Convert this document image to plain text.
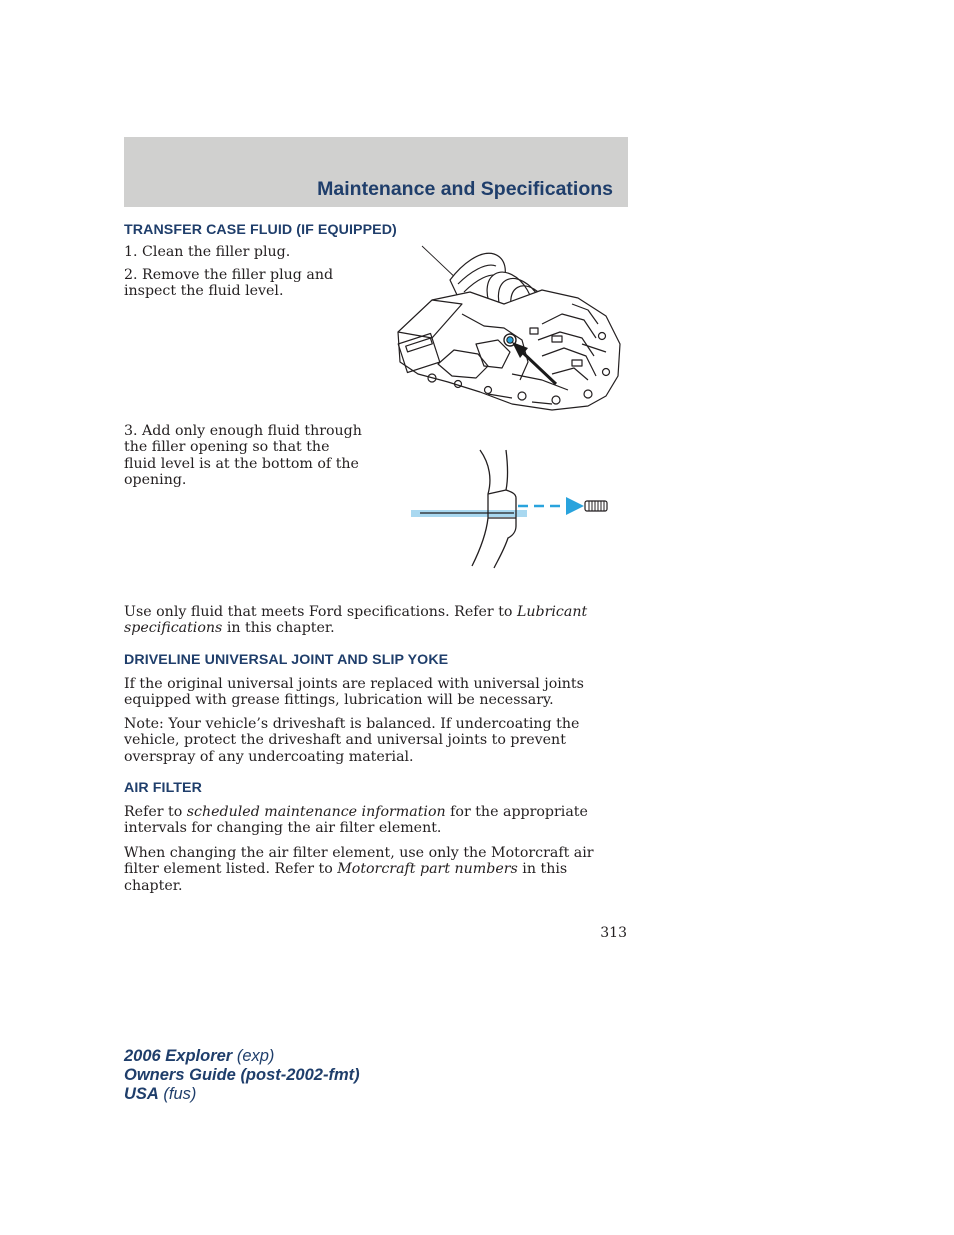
Maintenance and Specifications
TRANSFER CASE FLUID (IF EQUIPPED)

1. Clean the filler plug.

2. Remove the filler plug and inspect the fluid level.

3. Add only enough fluid through the filler opening so that the fluid level is at the bottom of the opening.

Use only fluid that meets Ford specifications. Refer to Lubricant specifications in this chapter.

DRIVELINE UNIVERSAL JOINT AND SLIP YOKE

If the original universal joints are replaced with universal joints equipped with grease fittings, lubrication will be necessary.

Note: Your vehicle’s driveshaft is balanced. If undercoating the vehicle, protect the driveshaft and universal joints to prevent overspray of any undercoating material.

AIR FILTER

Refer to scheduled maintenance information for the appropriate intervals for changing the air filter element.

When changing the air filter element, use only the Motorcraft air filter element listed. Refer to Motorcraft part numbers in this chapter.

313
2006 Explorer (exp)
Owners Guide (post-2002-fmt)
USA (fus)
